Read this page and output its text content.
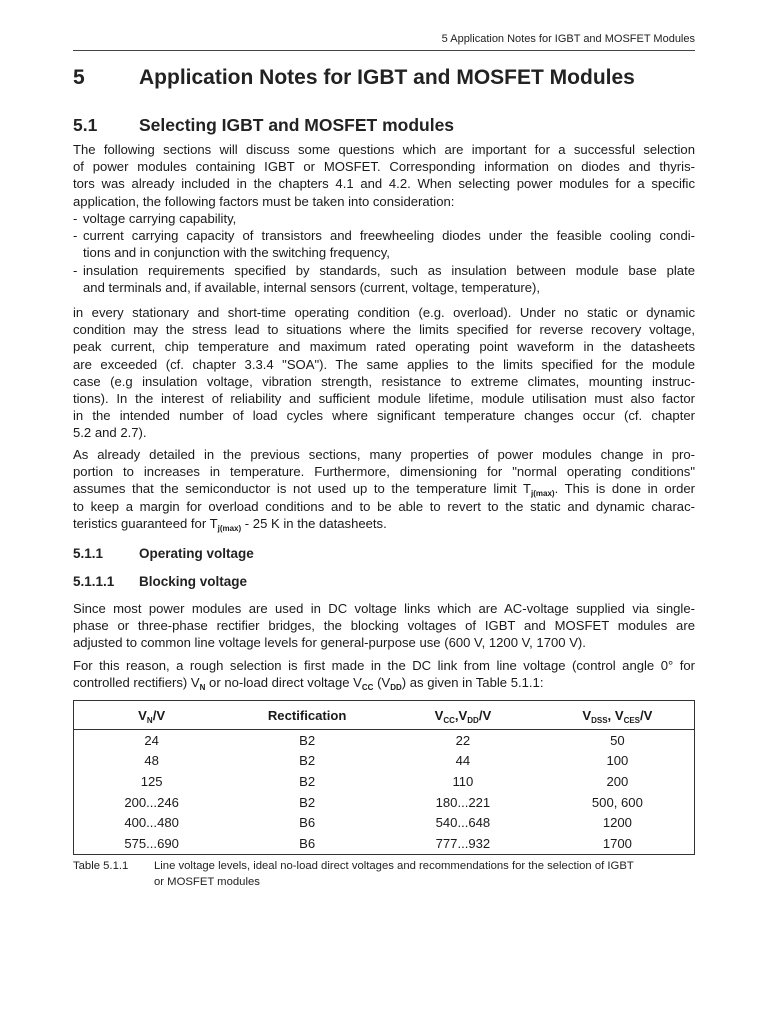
5 Application Notes for IGBT and MOSFET Modules
5	Application Notes for IGBT and MOSFET Modules
5.1 Selecting IGBT and MOSFET modules
The following sections will discuss some questions which are important for a successful selection
of power modules containing IGBT or MOSFET. Corresponding information on diodes and thyris-
tors was already included in the chapters 4.1 and 4.2. When selecting power modules for a specific
application, the following factors must be taken into consideration:
- voltage carrying capability,
- current carrying capacity of transistors and freewheeling diodes under the feasible cooling condi-
tions and in conjunction with the switching frequency,
- insulation requirements specified by standards, such as insulation between module base plate
and terminals and, if available, internal sensors (current, voltage, temperature),
in every stationary and short-time operating condition (e.g. overload). Under no static or dynamic
condition may the stress lead to situations where the limits specified for reverse recovery voltage,
peak current, chip temperature and maximum rated operating point waveform in the datasheets
are exceeded (cf. chapter 3.3.4 "SOA"). The same applies to the limits specified for the module
case (e.g insulation voltage, vibration strength, resistance to extreme climates, mounting instruc-
tions). In the interest of reliability and sufficient module lifetime, module utilisation must also factor
in the intended number of load cycles where significant temperature changes occur (cf. chapter
5.2 and 2.7).
As already detailed in the previous sections, many properties of power modules change in pro-
portion to increases in temperature. Furthermore, dimensioning for "normal operating conditions"
assumes that the semiconductor is not used up to the temperature limit $T_{j(max)}$. This is done in order
to keep a margin for overload conditions and to be able to revert to the static and dynamic charac-
teristics guaranteed for $T_{j(max)} - 25$ K in the datasheets.
5.1.1	Operating voltage
5.1.1.1 Blocking voltage
Since most power modules are used in DC voltage links which are AC-voltage supplied via single-
phase or three-phase rectifier bridges, the blocking voltages of IGBT and MOSFET modules are
adjusted to common line voltage levels for general-purpose use (600 V, 1200 V, 1700 V).
For this reason, a rough selection is first made in the DC link from line voltage (control angle 0° for
controlled rectifiers) $V_N$ or no-load direct voltage $V_{CC}$ $(V_{DD})$ as given in Table 5.1.1:
$V_N/V$	Rectification	$V_{CC},V_{DD}/V$	$V_{DSS}$, $V_{CES}/V$
24	B2	22	50
48	B2	44	100
125	B2	110	200
200...246	B2	180...221	500, 600
400...480	B6	540...648	1200
575...690	B6	777...932	1700
Table 5.1.1 Line voltage levels, ideal no-load direct voltages and recommendations for the selection of IGBT
or MOSFET modules
